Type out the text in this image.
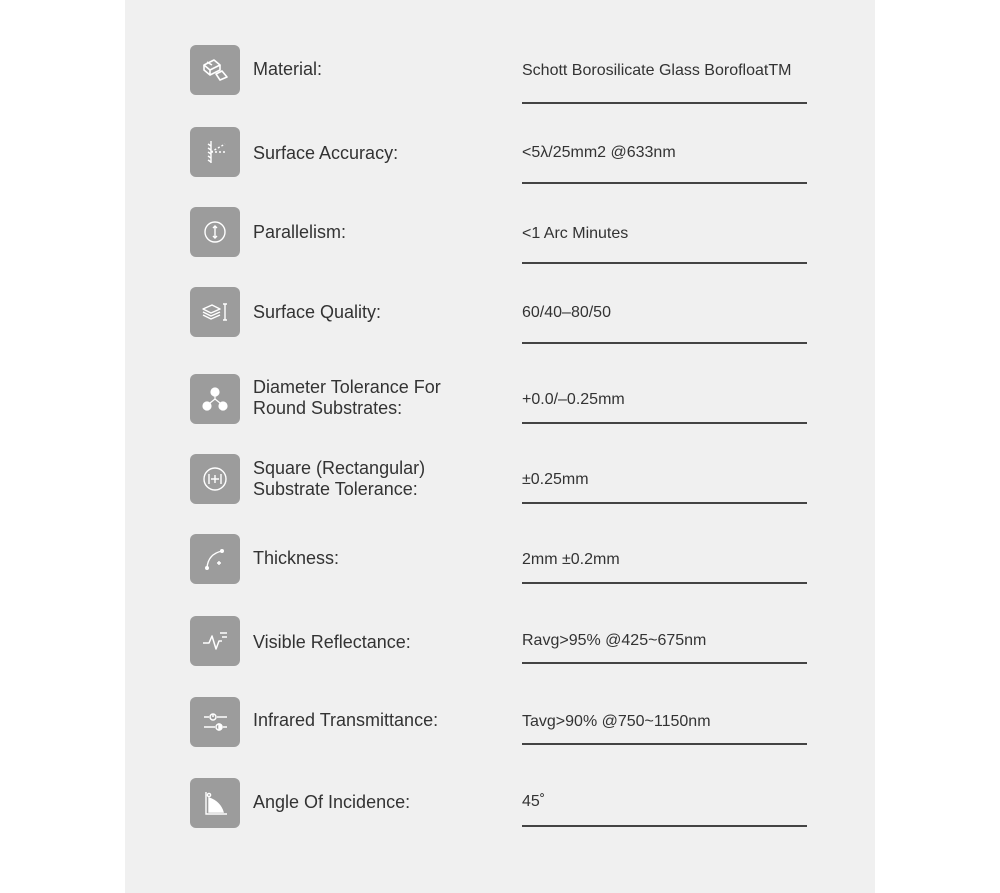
Material:	Schott Borosilicate Glass BorofloatTM
Surface Accuracy:	<5λ/25mm2 @633nm
Parallelism:	<1 Arc Minutes
Surface Quality:	60/40–80/50
Diameter Tolerance For
Round Substrates:	+0.0/–0.25mm
Square (Rectangular)
Substrate Tolerance:	±0.25mm
Thickness:	2mm ±0.2mm
Visible Reflectance:	Ravg>95% @425~675nm
Infrared Transmittance:	Tavg>90% @750~1150nm
Angle Of Incidence:	45˚
